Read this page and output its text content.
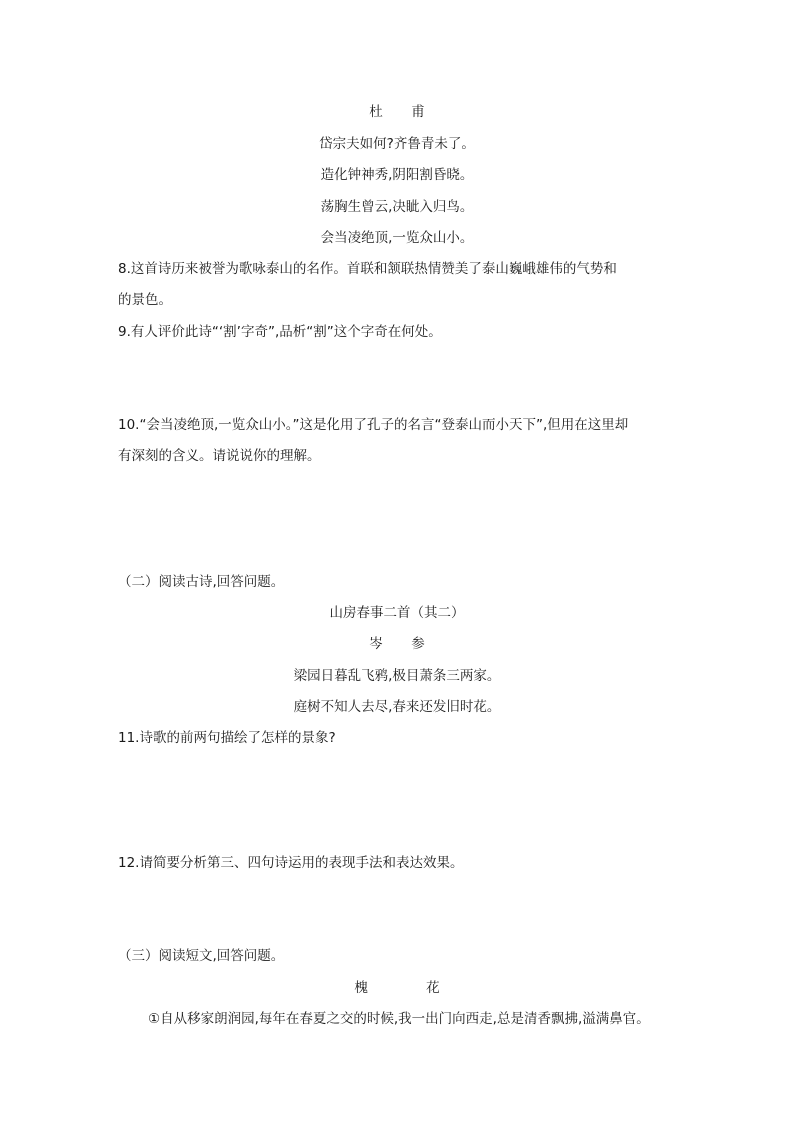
杜 甫
岱宗夫如何?齐鲁青未了。
造化钟神秀,阴阳割昏晓。
荡胸生曾云,决眦入归鸟。
会当凌绝顶,一览众山小。
8.这首诗历来被誉为歌咏泰山的名作。首联和颔联热情赞美了泰山巍峨雄伟的气势和
的景色。
9.有人评价此诗“‘割’字奇”,品析“割”这个字奇在何处。
10.“会当凌绝顶,一览众山小。”这是化用了孔子的名言“登泰山而小天下”,但用在这里却
有深刻的含义。请说说你的理解。
（二）阅读古诗,回答问题。
山房春事二首（其二）
岑 参
梁园日暮乱飞鸦,极目萧条三两家。
庭树不知人去尽,春来还发旧时花。
11.诗歌的前两句描绘了怎样的景象?
12.请简要分析第三、四句诗运用的表现手法和表达效果。
（三）阅读短文,回答问题。
槐 花
①自从移家朗润园,每年在春夏之交的时候,我一出门向西走,总是清香飘拂,溢满鼻官。
